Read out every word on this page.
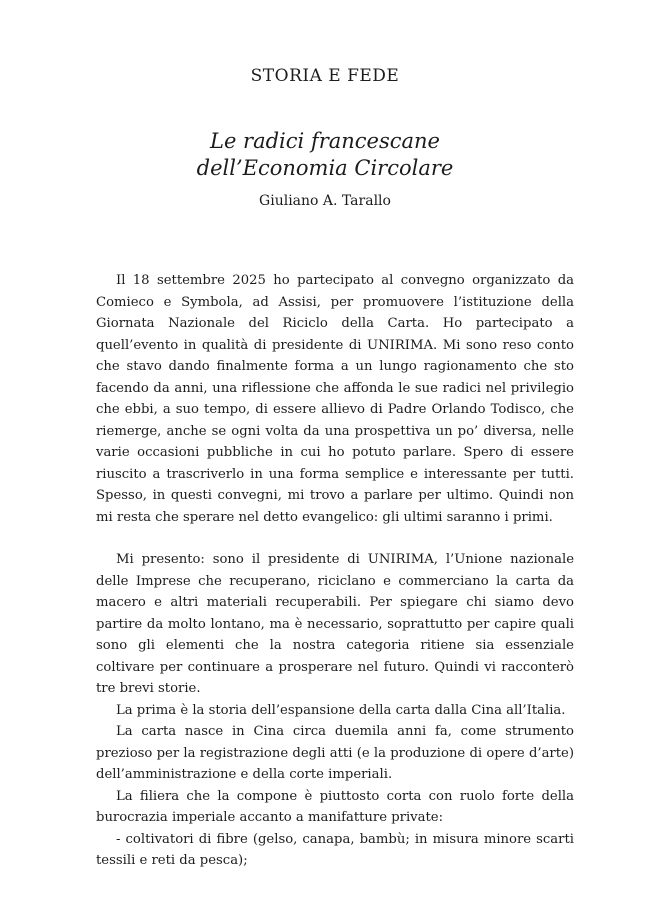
STORIA E FEDE
Le radici francescane
dell’Economia Circolare
Giuliano A. Tarallo

Il 18 settembre 2025 ho partecipato al convegno organizzato da Comieco e Symbola, ad Assisi, per promuovere l’istituzione della Giornata Nazionale del Riciclo della Carta. Ho partecipato a quell’evento in qualità di presidente di UNIRIMA. Mi sono reso conto che stavo dando finalmente forma a un lungo ragionamento che sto facendo da anni, una riflessione che affonda le sue radici nel privilegio che ebbi, a suo tempo, di essere allievo di Padre Orlando Todisco, che riemerge, anche se ogni volta da una prospettiva un po’ diversa, nelle varie occasioni pubbliche in cui ho potuto parlare. Spero di essere riuscito a trascriverlo in una forma semplice e interessante per tutti. Spesso, in questi convegni, mi trovo a parlare per ultimo. Quindi non mi resta che sperare nel detto evangelico: gli ultimi saranno i primi.

Mi presento: sono il presidente di UNIRIMA, l’Unione nazionale delle Imprese che recuperano, riciclano e commerciano la carta da macero e altri materiali recuperabili. Per spiegare chi siamo devo partire da molto lontano, ma è necessario, soprattutto per capire quali sono gli elementi che la nostra categoria ritiene sia essenziale coltivare per continuare a prosperare nel futuro. Quindi vi racconterò tre brevi storie.

La prima è la storia dell’espansione della carta dalla Cina all’Italia.

La carta nasce in Cina circa duemila anni fa, come strumento prezioso per la registrazione degli atti (e la produzione di opere d’arte) dell’amministrazione e della corte imperiali.

La filiera che la compone è piuttosto corta con ruolo forte della burocrazia imperiale accanto a manifatture private:

- coltivatori di fibre (gelso, canapa, bambù; in misura minore scarti tessili e reti da pesca);
